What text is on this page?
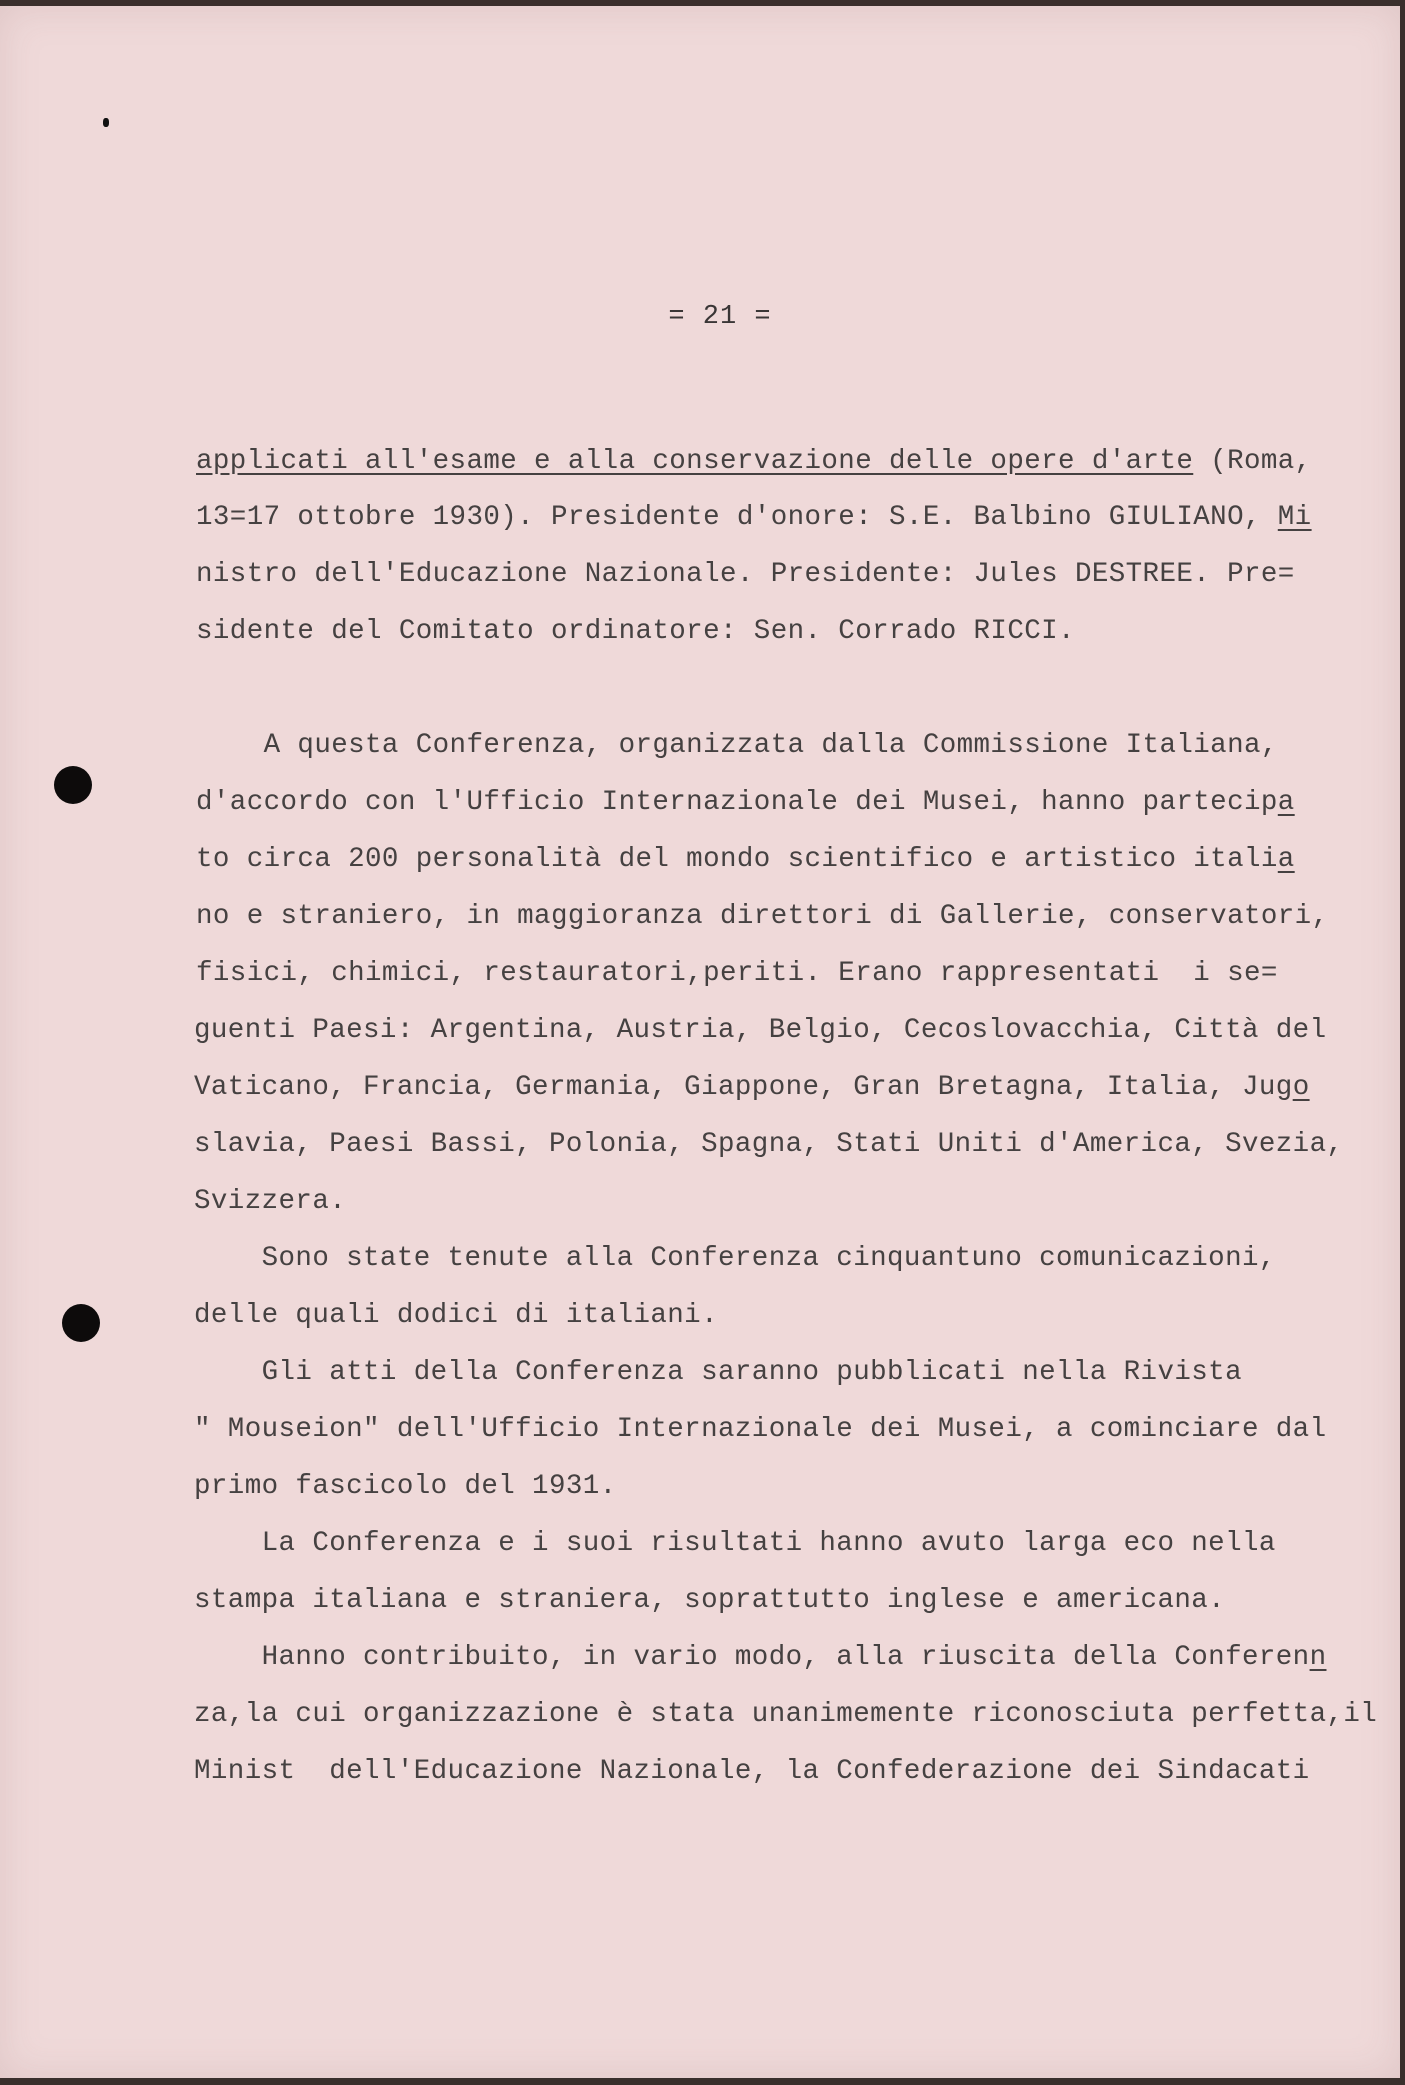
= 21 =
applicati all'esame e alla conservazione delle opere d'arte (Roma,
13=17 ottobre 1930). Presidente d'onore: S.E. Balbino GIULIANO, Mi
nistro dell'Educazione Nazionale. Presidente: Jules DESTREE. Pre=
sidente del Comitato ordinatore: Sen. Corrado RICCI.
A questa Conferenza, organizzata dalla Commissione Italiana,
d'accordo con l'Ufficio Internazionale dei Musei, hanno partecipa
to circa 200 personalità del mondo scientifico e artistico italia
no e straniero, in maggioranza direttori di Gallerie, conservatori,
fisici, chimici, restauratori,periti. Erano rappresentati  i se=
guenti Paesi: Argentina, Austria, Belgio, Cecoslovacchia, Città del
Vaticano, Francia, Germania, Giappone, Gran Bretagna, Italia, Jugo
slavia, Paesi Bassi, Polonia, Spagna, Stati Uniti d'America, Svezia,
Svizzera.
Sono state tenute alla Conferenza cinquantuno comunicazioni,
delle quali dodici di italiani.
Gli atti della Conferenza saranno pubblicati nella Rivista
" Mouseion" dell'Ufficio Internazionale dei Musei, a cominciare dal
primo fascicolo del 1931.
La Conferenza e i suoi risultati hanno avuto larga eco nella
stampa italiana e straniera, soprattutto inglese e americana.
Hanno contribuito, in vario modo, alla riuscita della Conferenn
za,la cui organizzazione è stata unanimemente riconosciuta perfetta,il
Minist  dell'Educazione Nazionale, la Confederazione dei Sindacati
